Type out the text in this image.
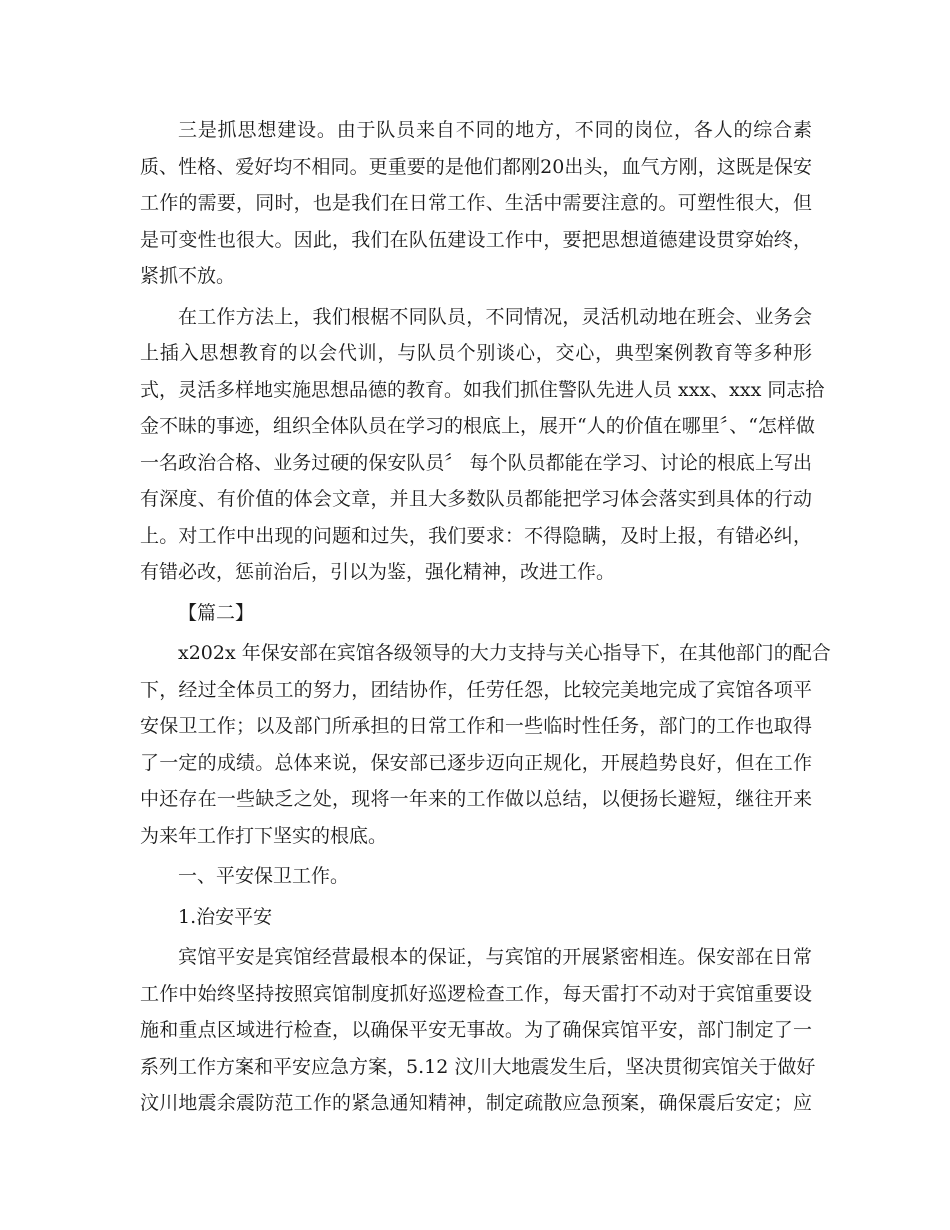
三是抓思想建设。由于队员来自不同的地方，不同的岗位，各人的综合素
质、性格、爱好均不相同。更重要的是他们都刚20出头，血气方刚，这既是保安
工作的需要，同时，也是我们在日常工作、生活中需要注意的。可塑性很大，但
是可变性也很大。因此，我们在队伍建设工作中，要把思想道德建设贯穿始终，
紧抓不放。
在工作方法上，我们根椐不同队员，不同情况，灵活机动地在班会、业务会
上插入思想教育的以会代训，与队员个别谈心，交心，典型案例教育等多种形
式，灵活多样地实施思想品德的教育。如我们抓住警队先进人员 xxx、xxx 同志拾
金不昧的事迹，组织全体队员在学习的根底上，展开“人的价值在哪里〞、“怎样做
一名政治合格、业务过硬的保安队员〞 每个队员都能在学习、讨论的根底上写出
有深度、有价值的体会文章，并且大多数队员都能把学习体会落实到具体的行动
上。对工作中出现的问题和过失，我们要求：不得隐瞒，及时上报，有错必纠，
有错必改，惩前治后，引以为鉴，强化精神，改进工作。
【篇二】
x202x 年保安部在宾馆各级领导的大力支持与关心指导下，在其他部门的配合
下，经过全体员工的努力，团结协作，任劳任怨，比较完美地完成了宾馆各项平
安保卫工作；以及部门所承担的日常工作和一些临时性任务，部门的工作也取得
了一定的成绩。总体来说，保安部已逐步迈向正规化，开展趋势良好，但在工作
中还存在一些缺乏之处，现将一年来的工作做以总结，以便扬长避短，继往开来
为来年工作打下坚实的根底。
一、平安保卫工作。
1.治安平安
宾馆平安是宾馆经营最根本的保证，与宾馆的开展紧密相连。保安部在日常
工作中始终坚持按照宾馆制度抓好巡逻检查工作，每天雷打不动对于宾馆重要设
施和重点区域进行检查，以确保平安无事故。为了确保宾馆平安，部门制定了一
系列工作方案和平安应急方案，5.12 汶川大地震发生后，坚决贯彻宾馆关于做好
汶川地震余震防范工作的紧急通知精神，制定疏散应急预案，确保震后安定；应
